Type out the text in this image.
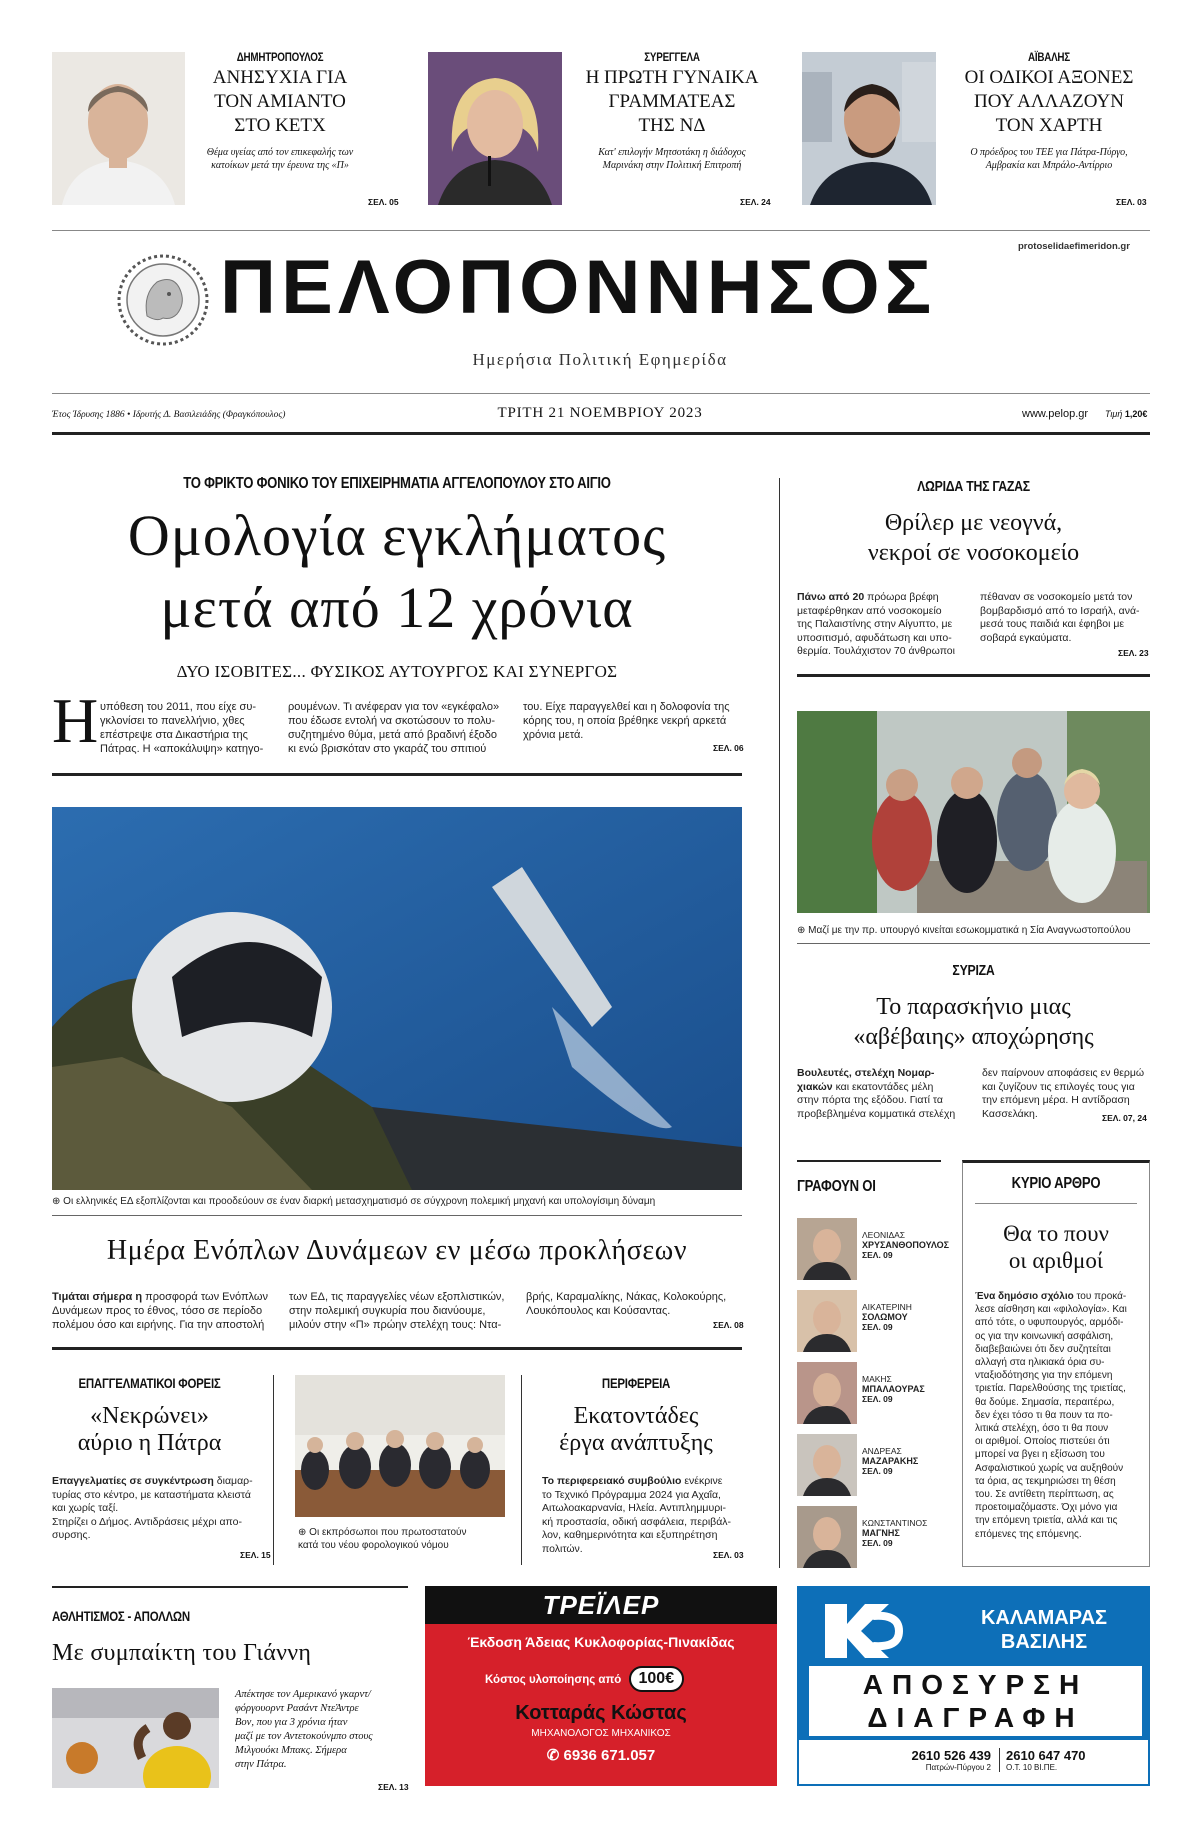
ΔΗΜΗΤΡΟΠΟΥΛΟΣ
ΑΝΗΣΥΧΙΑ ΓΙΑ
ΤΟΝ ΑΜΙΑΝΤΟ
ΣΤΟ ΚΕΤΧ
Θέμα υγείας από τον επικεφαλής των
κατοίκων μετά την έρευνα της «Π»
ΣΕΛ. 05
ΣΥΡΕΓΓΕΛΑ
Η ΠΡΩΤΗ ΓΥΝΑΙΚΑ
ΓΡΑΜΜΑΤΕΑΣ
ΤΗΣ ΝΔ
Κατ' επιλογήν Μητσοτάκη η διάδοχος
Μαρινάκη στην Πολιτική Επιτροπή
ΣΕΛ. 24
ΑΪΒΑΛΗΣ
ΟΙ ΟΔΙΚΟΙ ΑΞΟΝΕΣ
ΠΟΥ ΑΛΛΑΖΟΥΝ
ΤΟΝ ΧΑΡΤΗ
Ο πρόεδρος του ΤΕΕ για Πάτρα-Πύργο,
Αμβρακία και Μπράλο-Αντίρριο
ΣΕΛ. 03
protoselidaefimeridon.gr
ΠΕΛΟΠΟΝΝΗΣΟΣ
Ημερήσια Πολιτική Εφημερίδα
Έτος Ίδρυσης 1886 • Ιδρυτής Δ. Βασιλειάδης (Φραγκόπουλος)	ΤΡΙΤΗ 21 ΝΟΕΜΒΡΙΟΥ 2023	www.pelop.gr Τιμή 1,20€
ΤΟ ΦΡΙΚΤΟ ΦΟΝΙΚΟ ΤΟΥ ΕΠΙΧΕΙΡΗΜΑΤΙΑ ΑΓΓΕΛΟΠΟΥΛΟΥ ΣΤΟ ΑΙΓΙΟ
Ομολογία εγκλήματος
μετά από 12 χρόνια
ΔΥΟ ΙΣΟΒΙΤΕΣ... ΦΥΣΙΚΟΣ ΑΥΤΟΥΡΓΟΣ ΚΑΙ ΣΥΝΕΡΓΟΣ
Η υπόθεση του 2011, που είχε συ-
γκλονίσει το πανελλήνιο, χθες
επέστρεψε στα Δικαστήρια της
Πάτρας. Η «αποκάλυψη» κατηγο-
ρουμένων. Τι ανέφεραν για τον «εγκέφαλο»
που έδωσε εντολή να σκοτώσουν το πολυ-
συζητημένο θύμα, μετά από βραδινή έξοδο
κι ενώ βρισκόταν στο γκαράζ του σπιτιού
του. Είχε παραγγελθεί και η δολοφονία της
κόρης του, η οποία βρέθηκε νεκρή αρκετά
χρόνια μετά.
ΣΕΛ. 06
⊕ Οι ελληνικές ΕΔ εξοπλίζονται και προοδεύουν σε έναν διαρκή μετασχηματισμό σε σύγχρονη πολεμική μηχανή και υπολογίσιμη δύναμη
Ημέρα Ενόπλων Δυνάμεων εν μέσω προκλήσεων
Τιμάται σήμερα η προσφορά των Ενόπλων
Δυνάμεων προς το έθνος, τόσο σε περίοδο
πολέμου όσο και ειρήνης. Για την αποστολή
των ΕΔ, τις παραγγελίες νέων εξοπλιστικών,
στην πολεμική συγκυρία που διανύουμε,
μιλούν στην «Π» πρώην στελέχη τους: Ντα-
βρής, Καραμαλίκης, Νάκας, Κολοκούρης,
Λουκόπουλος και Κούσαντας.
ΣΕΛ. 08
ΕΠΑΓΓΕΛΜΑΤΙΚΟΙ ΦΟΡΕΙΣ
«Νεκρώνει»
αύριο η Πάτρα
Επαγγελματίες σε συγκέντρωση διαμαρ-
τυρίας στο κέντρο, με καταστήματα κλειστά
και χωρίς ταξί.
Στηρίζει ο Δήμος. Αντιδράσεις μέχρι απο-
συρσης.
ΣΕΛ. 15
⊕ Οι εκπρόσωποι που πρωτοστατούν
κατά του νέου φορολογικού νόμου
ΠΕΡΙΦΕΡΕΙΑ
Εκατοντάδες
έργα ανάπτυξης
Το περιφερειακό συμβούλιο ενέκρινε
το Τεχνικό Πρόγραμμα 2024 για Αχαΐα,
Αιτωλοακαρνανία, Ηλεία. Αντιπλημμυρι-
κή προστασία, οδική ασφάλεια, περιβάλ-
λον, καθημερινότητα και εξυπηρέτηση
πολιτών.
ΣΕΛ. 03
ΛΩΡΙΔΑ ΤΗΣ ΓΑΖΑΣ
Θρίλερ με νεογνά,
νεκροί σε νοσοκομείο
Πάνω από 20 πρόωρα βρέφη
μεταφέρθηκαν από νοσοκομείο
της Παλαιστίνης στην Αίγυπτο, με
υποσιτισμό, αφυδάτωση και υπο-
θερμία. Τουλάχιστον 70 άνθρωποι
πέθαναν σε νοσοκομείο μετά τον
βομβαρδισμό από το Ισραήλ, ανά-
μεσά τους παιδιά και έφηβοι με
σοβαρά εγκαύματα.
ΣΕΛ. 23
⊕ Μαζί με την πρ. υπουργό κινείται εσωκομματικά η Σία Αναγνωστοπούλου
ΣΥΡΙΖΑ
Το παρασκήνιο μιας
«αβέβαιης» αποχώρησης
Βουλευτές, στελέχη Νομαρ-
χιακών και εκατοντάδες μέλη
στην πόρτα της εξόδου. Γιατί τα
προβεβλημένα κομματικά στελέχη
δεν παίρνουν αποφάσεις εν θερμώ
και ζυγίζουν τις επιλογές τους για
την επόμενη μέρα. Η αντίδραση
Κασσελάκη.	ΣΕΛ. 07, 24
ΓΡΑΦΟΥΝ ΟΙ
ΛΕΟΝΙΔΑΣ
ΧΡΥΣΑΝΘΟΠΟΥΛΟΣ
ΣΕΛ. 09
ΑΙΚΑΤΕΡΙΝΗ
ΣΟΛΩΜΟΥ
ΣΕΛ. 09
ΜΑΚΗΣ
ΜΠΑΛΑΟΥΡΑΣ
ΣΕΛ. 09
ΑΝΔΡΕΑΣ
ΜΑΖΑΡΑΚΗΣ
ΣΕΛ. 09
ΚΩΝΣΤΑΝΤΙΝΟΣ
ΜΑΓΝΗΣ
ΣΕΛ. 09
ΚΥΡΙΟ ΑΡΘΡΟ
Θα το πουν
οι αριθμοί
Ένα δημόσιο σχόλιο του προκά-
λεσε αίσθηση και «φιλολογία». Και
από τότε, ο υφυπουργός, αρμόδι-
ος για την κοινωνική ασφάλιση,
διαβεβαιώνει ότι δεν συζητείται
αλλαγή στα ηλικιακά όρια συ-
νταξιοδότησης για την επόμενη
τριετία. Παρελθούσης της τριετίας,
θα δούμε. Σημασία, περαιτέρω,
δεν έχει τόσο τι θα πουν τα πο-
λιτικά στελέχη, όσο τι θα πουν
οι αριθμοί. Οποίος πιστεύει ότι
μπορεί να βγει η εξίσωση του
Ασφαλιστικού χωρίς να αυξηθούν
τα όρια, ας τεκμηριώσει τη θέση
του. Σε αντίθετη περίπτωση, ας
προετοιμαζόμαστε. Όχι μόνο για
την επόμενη τριετία, αλλά και τις
επόμενες της επόμενης.
ΑΘΛΗΤΙΣΜΟΣ - ΑΠΟΛΛΩΝ
Με συμπαίκτη του Γιάννη
Απέκτησε τον Αμερικανό γκαρντ/
φόργουορντ Ρασάντ ΝτεΆντρε
Βον, που για 3 χρόνια ήταν
μαζί με τον Αντετοκούνμπο στους
Μιλγουόκι Μπακς. Σήμερα
στην Πάτρα.
ΣΕΛ. 13
ΤΡΕΪΛΕΡ
Έκδοση Άδειας Κυκλοφορίας-Πινακίδας
Κόστος υλοποίησης από 100€
Κοτταράς Κώστας
ΜΗΧΑΝΟΛΟΓΟΣ ΜΗΧΑΝΙΚΟΣ
✆ 6936 671.057
ΚΑΛΑΜΑΡΑΣ
ΒΑΣΙΛΗΣ
ΑΠΟΣΥΡΣΗ
ΔΙΑΓΡΑΦΗ
2610 526 439
Πατρών-Πύργου 2
2610 647 470
Ο.Τ. 10 ΒΙ.ΠΕ.
